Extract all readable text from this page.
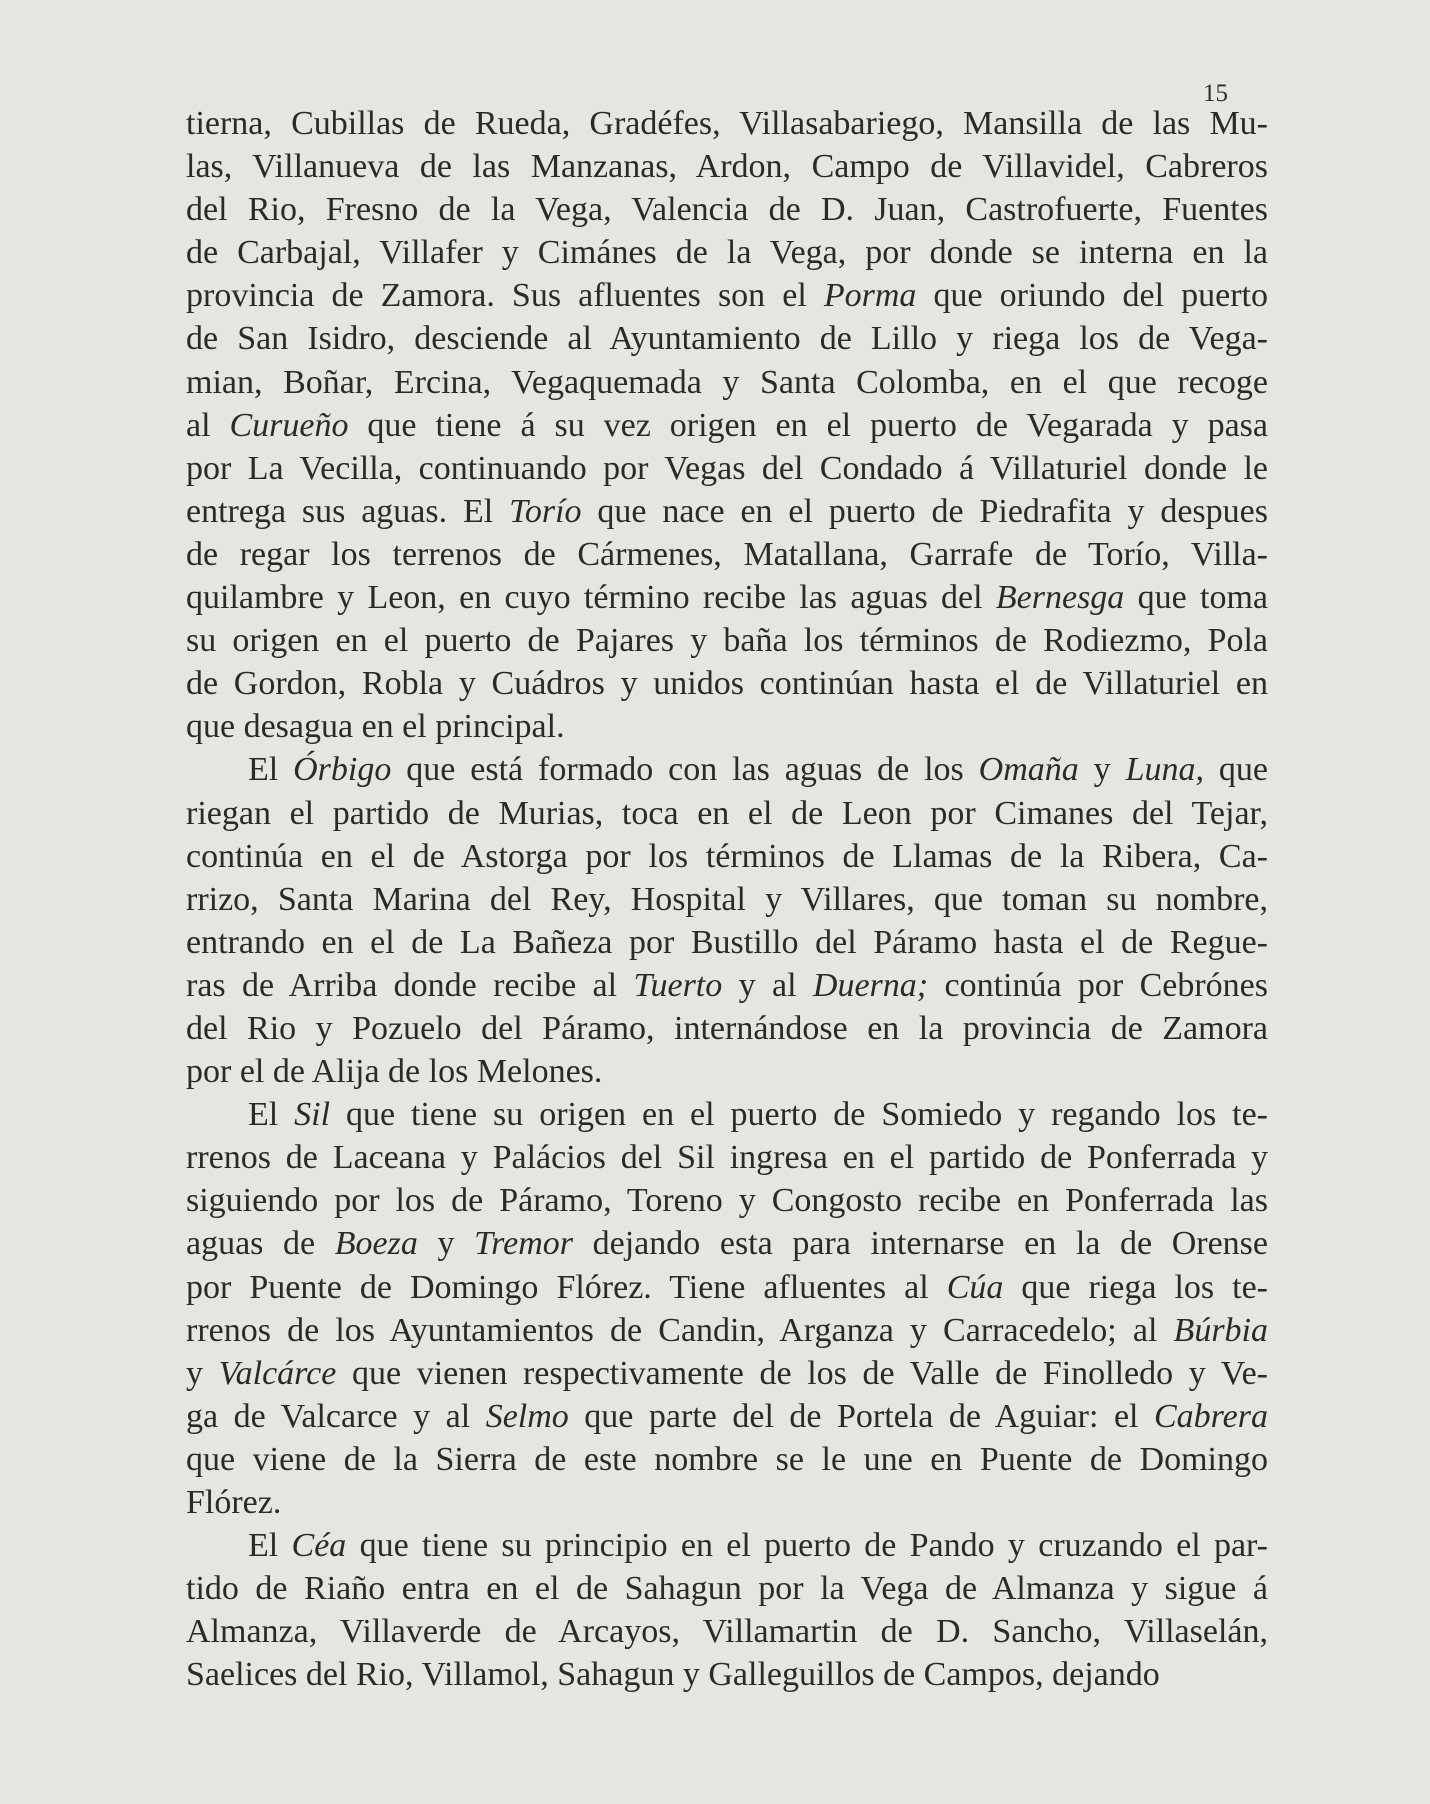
15
tierna, Cubillas de Rueda, Gradéfes, Villasabariego, Mansilla de las Mu-
las, Villanueva de las Manzanas, Ardon, Campo de Villavidel, Cabreros
del Rio, Fresno de la Vega, Valencia de D. Juan, Castrofuerte, Fuentes
de Carbajal, Villafer y Cimánes de la Vega, por donde se interna en la
provincia de Zamora. Sus afluentes son el Porma que oriundo del puerto
de San Isidro, desciende al Ayuntamiento de Lillo y riega los de Vega-
mian, Boñar, Ercina, Vegaquemada y Santa Colomba, en el que recoge
al Curueño que tiene á su vez origen en el puerto de Vegarada y pasa
por La Vecilla, continuando por Vegas del Condado á Villaturiel donde le
entrega sus aguas. El Torío que nace en el puerto de Piedrafita y despues
de regar los terrenos de Cármenes, Matallana, Garrafe de Torío, Villa-
quilambre y Leon, en cuyo término recibe las aguas del Bernesga que toma
su origen en el puerto de Pajares y baña los términos de Rodiezmo, Pola
de Gordon, Robla y Cuádros y unidos continúan hasta el de Villaturiel en
que desagua en el principal.
El Órbigo que está formado con las aguas de los Omaña y Luna, que
riegan el partido de Murias, toca en el de Leon por Cimanes del Tejar,
continúa en el de Astorga por los términos de Llamas de la Ribera, Ca-
rrizo, Santa Marina del Rey, Hospital y Villares, que toman su nombre,
entrando en el de La Bañeza por Bustillo del Páramo hasta el de Regue-
ras de Arriba donde recibe al Tuerto y al Duerna; continúa por Cebrónes
del Rio y Pozuelo del Páramo, internándose en la provincia de Zamora
por el de Alija de los Melones.
El Sil que tiene su origen en el puerto de Somiedo y regando los te-
rrenos de Laceana y Palácios del Sil ingresa en el partido de Ponferrada y
siguiendo por los de Páramo, Toreno y Congosto recibe en Ponferrada las
aguas de Boeza y Tremor dejando esta para internarse en la de Orense
por Puente de Domingo Flórez. Tiene afluentes al Cúa que riega los te-
rrenos de los Ayuntamientos de Candin, Arganza y Carracedelo; al Búrbia
y Valcárce que vienen respectivamente de los de Valle de Finolledo y Ve-
ga de Valcarce y al Selmo que parte del de Portela de Aguiar: el Cabrera
que viene de la Sierra de este nombre se le une en Puente de Domingo
Flórez.
El Céa que tiene su principio en el puerto de Pando y cruzando el par-
tido de Riaño entra en el de Sahagun por la Vega de Almanza y sigue á
Almanza, Villaverde de Arcayos, Villamartin de D. Sancho, Villaselán,
Saelices del Rio, Villamol, Sahagun y Galleguillos de Campos, dejando
